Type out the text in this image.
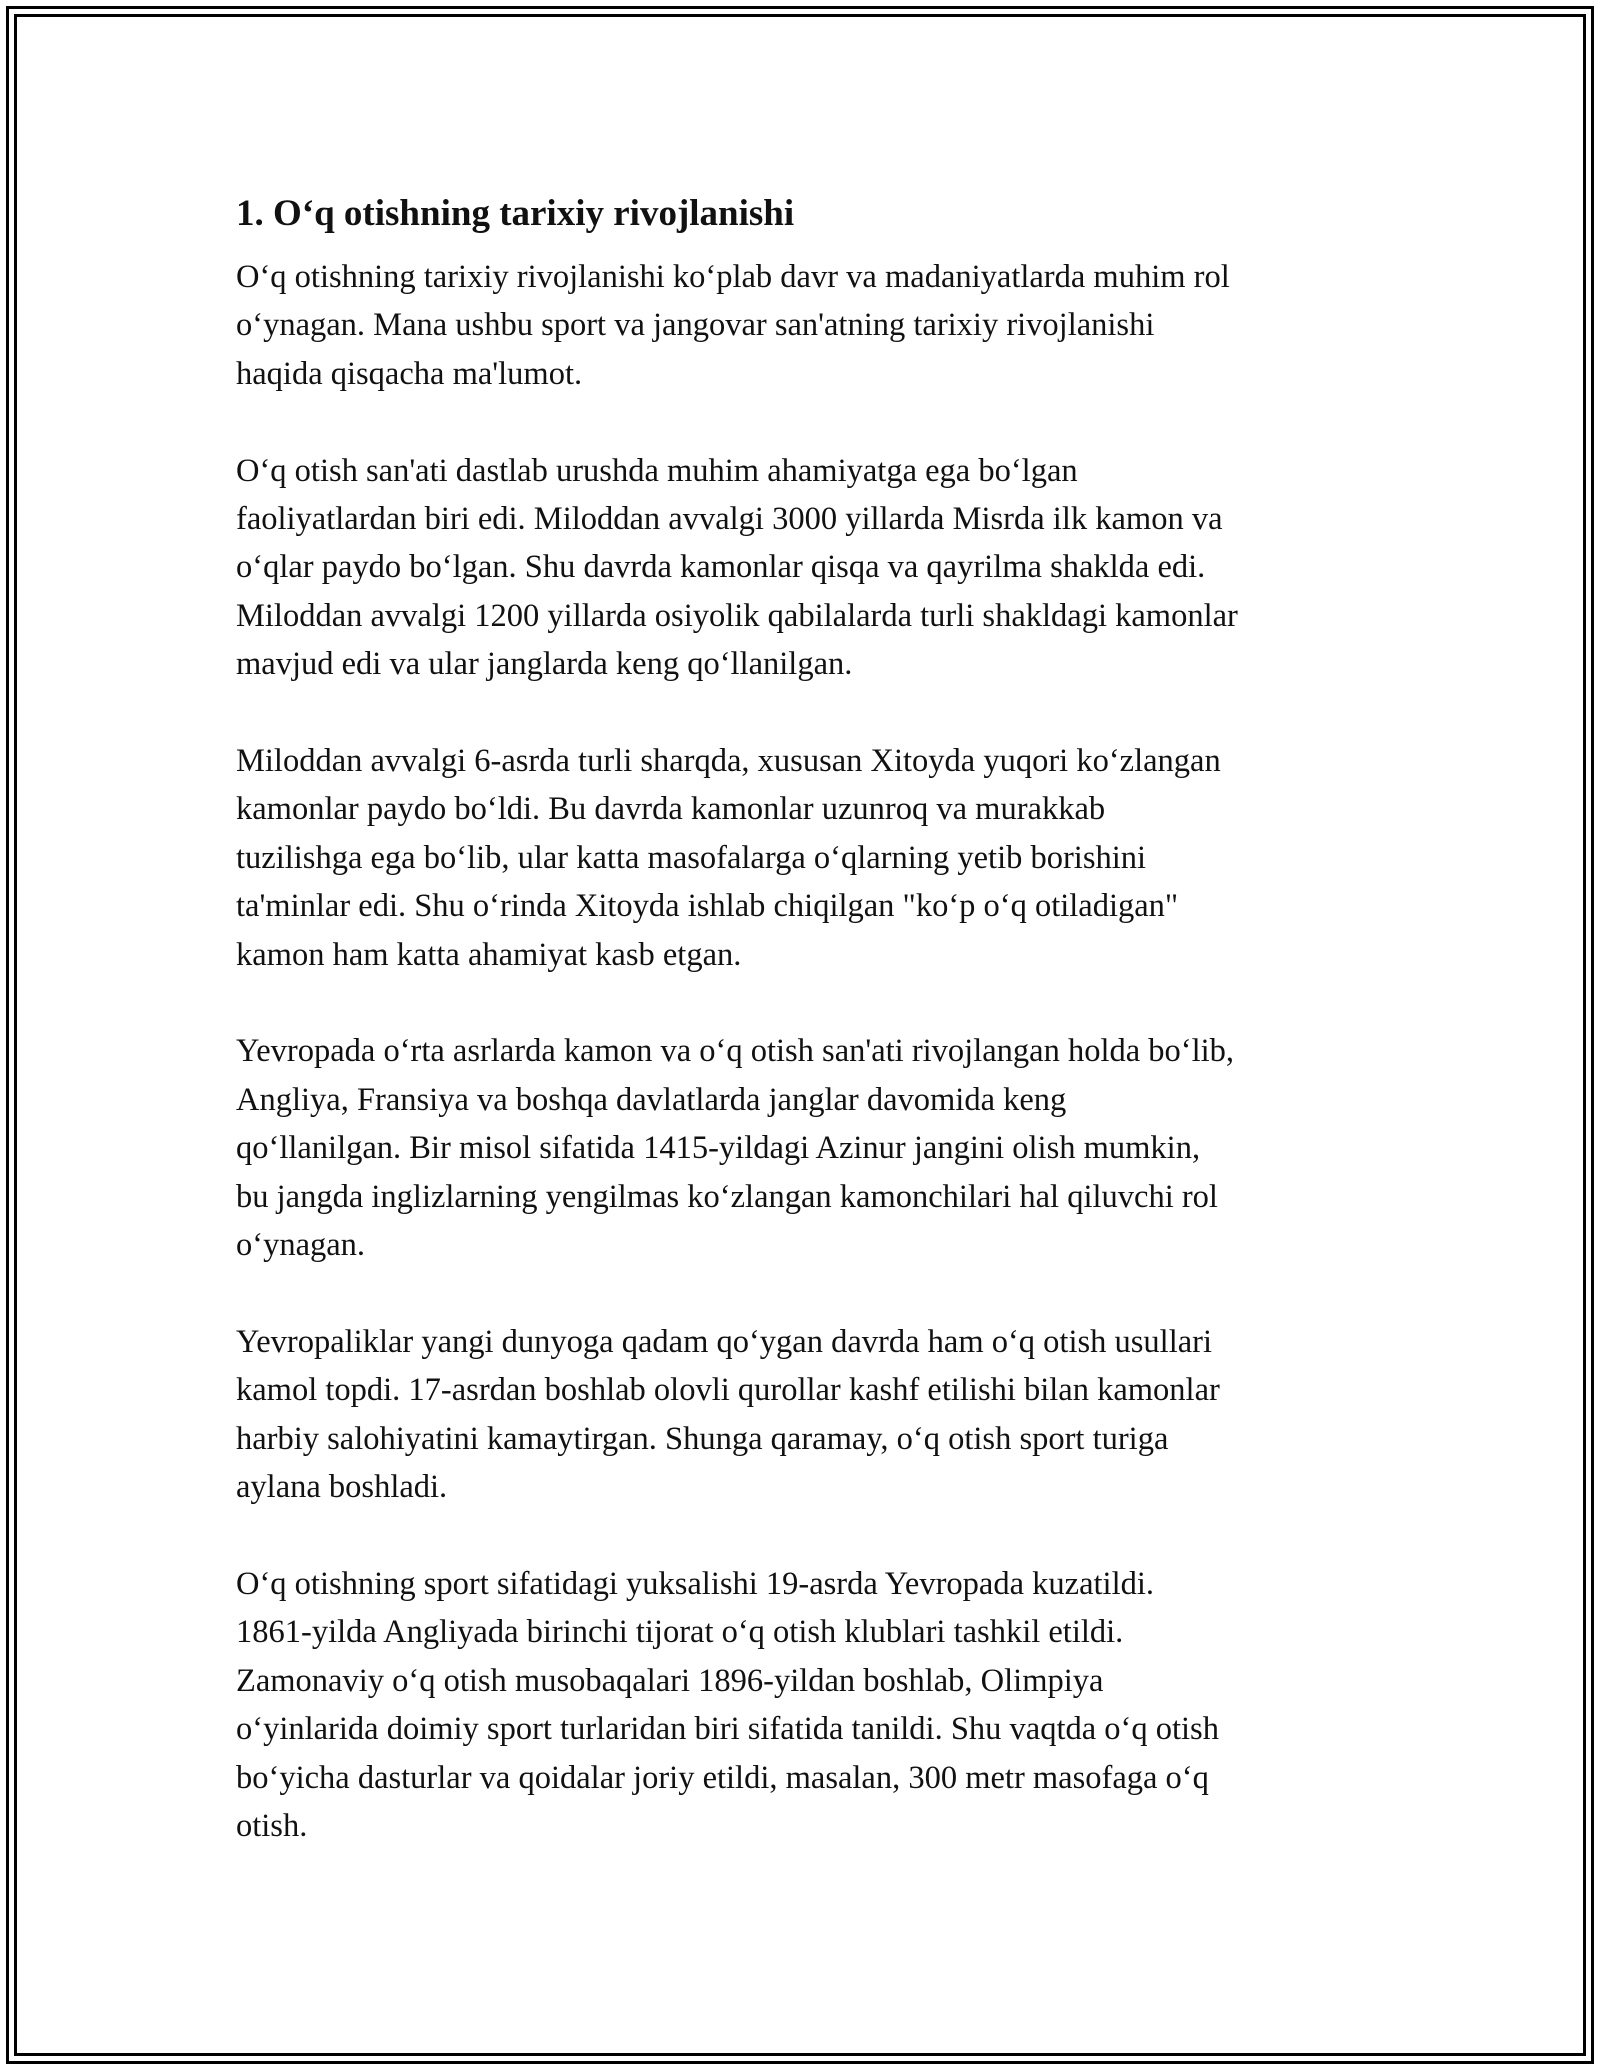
1. Oʻq otishning tarixiy rivojlanishi

Oʻq otishning tarixiy rivojlanishi koʻplab davr va madaniyatlarda muhim rol
oʻynagan. Mana ushbu sport va jangovar san'atning tarixiy rivojlanishi
haqida qisqacha ma'lumot.

Oʻq otish san'ati dastlab urushda muhim ahamiyatga ega boʻlgan
faoliyatlardan biri edi. Miloddan avvalgi 3000 yillarda Misrda ilk kamon va
oʻqlar paydo boʻlgan. Shu davrda kamonlar qisqa va qayrilma shaklda edi.
Miloddan avvalgi 1200 yillarda osiyolik qabilalarda turli shakldagi kamonlar
mavjud edi va ular janglarda keng qoʻllanilgan.

Miloddan avvalgi 6-asrda turli sharqda, xususan Xitoyda yuqori koʻzlangan
kamonlar paydo boʻldi. Bu davrda kamonlar uzunroq va murakkab
tuzilishga ega boʻlib, ular katta masofalarga oʻqlarning yetib borishini
ta'minlar edi. Shu oʻrinda Xitoyda ishlab chiqilgan "koʻp oʻq otiladigan"
kamon ham katta ahamiyat kasb etgan.

Yevropada oʻrta asrlarda kamon va oʻq otish san'ati rivojlangan holda boʻlib,
Angliya, Fransiya va boshqa davlatlarda janglar davomida keng
qoʻllanilgan. Bir misol sifatida 1415-yildagi Azinur jangini olish mumkin,
bu jangda inglizlarning yengilmas koʻzlangan kamonchilari hal qiluvchi rol
oʻynagan.

Yevropaliklar yangi dunyoga qadam qoʻygan davrda ham oʻq otish usullari
kamol topdi. 17-asrdan boshlab olovli qurollar kashf etilishi bilan kamonlar
harbiy salohiyatini kamaytirgan. Shunga qaramay, oʻq otish sport turiga
aylana boshladi.

Oʻq otishning sport sifatidagi yuksalishi 19-asrda Yevropada kuzatildi.
1861-yilda Angliyada birinchi tijorat oʻq otish klublari tashkil etildi.
Zamonaviy oʻq otish musobaqalari 1896-yildan boshlab, Olimpiya
oʻyinlarida doimiy sport turlaridan biri sifatida tanildi. Shu vaqtda oʻq otish
boʻyicha dasturlar va qoidalar joriy etildi, masalan, 300 metr masofaga oʻq
otish.
